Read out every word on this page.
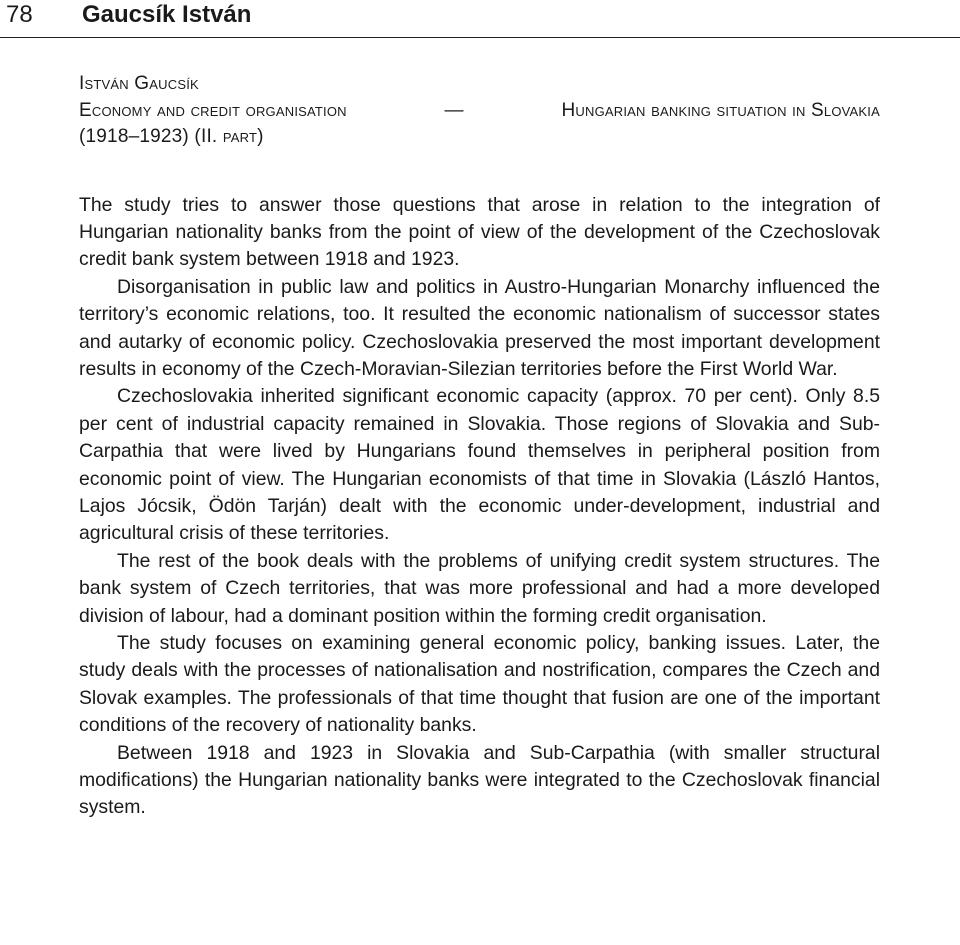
78 Gaucsík István
István Gaucsík
Economy and credit organisation	—	Hungarian banking situation in Slovakia
(1918–1923) (II. part)

The study tries to answer those questions that arose in relation to the integration of Hungarian nationality banks from the point of view of the development of the Czechoslovak credit bank system between 1918 and 1923.

Disorganisation in public law and politics in Austro-Hungarian Monarchy influenced the territory’s economic relations, too. It resulted the economic nationalism of successor states and autarky of economic policy. Czechoslovakia preserved the most important development results in economy of the Czech-Moravian-Silezian territories before the First World War.

Czechoslovakia inherited significant economic capacity (approx. 70 per cent). Only 8.5 per cent of industrial capacity remained in Slovakia. Those regions of Slovakia and Sub-Carpathia that were lived by Hungarians found themselves in peripheral position from economic point of view. The Hungarian economists of that time in Slovakia (László Hantos, Lajos Jócsik, Ödön Tarján) dealt with the economic under-development, industrial and agricultural crisis of these territories.

The rest of the book deals with the problems of unifying credit system structures. The bank system of Czech territories, that was more professional and had a more developed division of labour, had a dominant position within the forming credit organisation.

The study focuses on examining general economic policy, banking issues. Later, the study deals with the processes of nationalisation and nostrification, compares the Czech and Slovak examples. The professionals of that time thought that fusion are one of the important conditions of the recovery of nationality banks.

Between 1918 and 1923 in Slovakia and Sub-Carpathia (with smaller structural modifications) the Hungarian nationality banks were integrated to the Czechoslovak financial system.
